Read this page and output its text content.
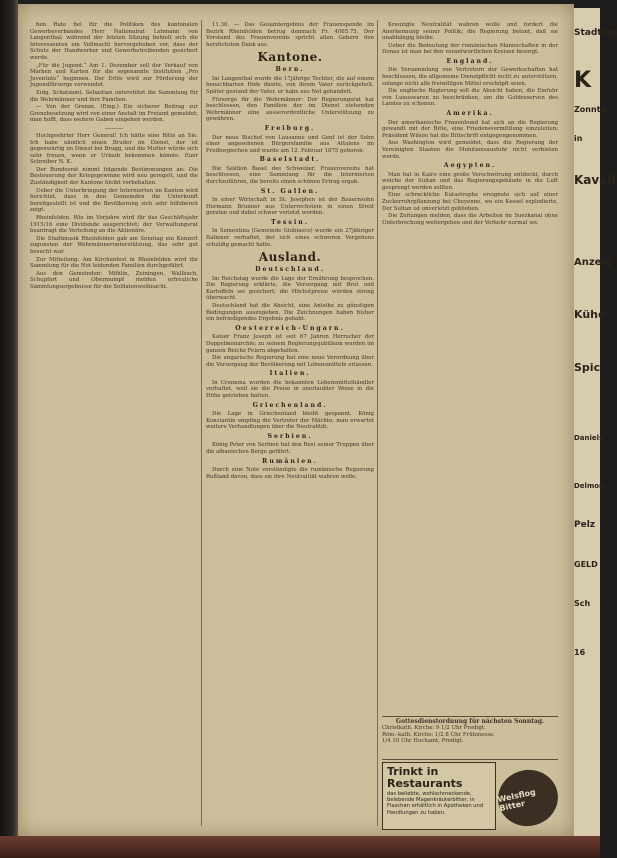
ben Rate fiel für die Politiken des kantonalen Gewerbeverbandes Herr Nationalrat Lehmann von Langenthal; während der letzten Sitzung behielt sich die Interessenten ein Vollmacht hervorgehoben vor, dass der Schutz der Handwerker und Gewerbetreibenden gesichert werde.

„Für die Jugend.“ Am 1. Dezember soll der Verkauf von Marken und Karten für die sogenannte Institution „Pro Juventute“ beginnen. Der Erlös wird zur Förderung der Jugendfürsorge verwendet.

Eidg. Schatzamt. Sebastian unterstützt die Sammlung für die Wehrmänner und ihre Familien.

— Von der Grenze. (Eing.) Ein sicherer Beitrag zur Grenzbesetzung wird von einer Anstalt im Freiamt gemeldet; man hofft, dass weitere Gaben eingehen werden.

———

Hochgeehrter Herr General! Ich hätte eine Bitte an Sie. Ich habe nämlich einen Bruder im Dienst, der ist gegenwärtig im Dienst bei Brugg, und die Mutter würde sich sehr freuen, wenn er Urlaub bekommen könnte. Euer Schreiber N. K.

Der Bundesrat nimmt folgende Bestimmungen an: Die Besteuerung der Kriegsgewinne wird neu geregelt, und die Zuständigkeit der Kantone bleibt vorbehalten.

Ueber die Unterbringung der Internierten im Kanton wird berichtet, dass in den Gemeinden die Unterkunft bereitgestellt ist und die Bevölkerung sich sehr hilfsbereit zeigt.

Rheinfelden. Wie im Vorjahre wird für das Geschäftsjahr 1915/16 eine Dividende ausgerichtet; der Verwaltungsrat beantragt die Verteilung an die Aktionäre.

Die Stadtmusik Rheinfelden gab am Sonntag ein Konzert zugunsten der Wehrmännerunterstützung, das sehr gut besucht war.

Zur Mitteilung: Am Kirchenfest in Rheinfelden wird die Sammlung für die Not leidenden Familien durchgeführt.

Aus den Gemeinden: Möhlin, Zeiningen, Wallbach, Schupfart und Obermumpf melden erfreuliche Sammlungsergebnisse für die Soldatenweihnacht.

11.30. — Das Gesamtergebnis der Frauenspende im Bezirk Rheinfelden betrug demnach Fr. 4065.75. Der Vorstand des Frauenvereins spricht allen Gebern den herzlichsten Dank aus.

Kantone.
Bern.

Im Langenthal wurde die 17jährige Tochter, die auf einem benachbarten Hofe diente, von ihrem Vater zurückgeholt. Später gestand der Vater, er habe aus Not gehandelt.

Fürsorge für die Wehrmänner: Der Regierungsrat hat beschlossen, den Familien der im Dienst stehenden Wehrmänner eine ausserordentliche Unterstützung zu gewähren.

Freiburg.

Der neue Bischof von Lausanne und Genf ist der Sohn einer angesehenen Bürgersfamilie aus Attalens im Freiburgischen und wurde am 12. Februar 1875 geboren.

Baselstadt.

Die Sektion Basel des Schweizer. Frauenvereins hat beschlossen, eine Sammlung für die Internierten durchzuführen, die bereits einen schönen Ertrag ergab.

St. Gallen.

In einer Wirtschaft in St. Josephen ist der Bauernsohn Hermann Brunner aus Unterrechstein in einen Streit geraten und dabei schwer verletzt worden.

Tessin.

In Sementina (Gemeinde Giubiasco) wurde ein 27jähriger Italiener verhaftet, der sich eines schweren Vergehens schuldig gemacht hatte.

Ausland.
Deutschland.

Im Reichstag wurde die Lage der Ernährung besprochen. Die Regierung erklärte, die Versorgung mit Brot und Kartoffeln sei gesichert; die Höchstpreise würden streng überwacht.

Deutschland hat die Absicht, eine Anleihe zu günstigen Bedingungen auszugeben. Die Zeichnungen haben bisher ein befriedigendes Ergebnis gehabt.

Oesterreich-Ungarn.

Kaiser Franz Joseph ist seit 67 Jahren Herrscher der Doppelmonarchie; zu seinem Regierungsjubiläum wurden im ganzen Reiche Feiern abgehalten.

Die ungarische Regierung hat eine neue Verordnung über die Versorgung der Bevölkerung mit Lebensmitteln erlassen.

Italien.

In Cremona wurden die bekannten Lebensmittelhändler verhaftet, weil sie die Preise in unerlaubter Weise in die Höhe getrieben hatten.

Griechenland.

Die Lage in Griechenland bleibt gespannt. König Konstantin empfing die Vertreter der Mächte; man erwartet weitere Verhandlungen über die Neutralität.

Serbien.

König Peter von Serbien hat den Rest seiner Truppen über die albanischen Berge geführt.

Rumänien.

Durch eine Note verständigte die rumänische Regierung Rußland davon, dass sie ihre Neutralität wahren wolle.

Kreuzigte Neutralität wahren wolle und fordert die Anerkennung seiner Politik; die Regierung betont, daß sie unabhängig bleibe.

Ueber die Bedeutung der rumänischen Mannschaften in der Donau ist man bei den verantwortlichen Kreisen besorgt.

England.

Die Versammlung von Vertretern der Gewerkschaften hat beschlossen, die allgemeine Dienstpflicht nicht zu unterstützen, solange nicht alle freiwilligen Mittel erschöpft seien.

Die englische Regierung soll die Absicht haben, die Einfuhr von Luxuswaren zu beschränken, um die Goldreserven des Landes zu schonen.

Amerika.

Der amerikanische Frauenbund hat sich an die Regierung gewandt mit der Bitte, eine Friedensvermittlung einzuleiten; Präsident Wilson hat die Bittschrift entgegengenommen.

Aus Washington wird gemeldet, dass die Regierung der Vereinigten Staaten die Munitionsausfuhr nicht verbieten werde.

Aegypten.

Man hat in Kairo eine große Verschwörung entdeckt, durch welche der Sultan und das Regierungsgebäude in die Luft gesprengt werden sollten.

Eine schreckliche Katastrophe ereignete sich auf einer Zuckerrohrpflanzung bei Cheyenne, wo ein Kessel explodierte. Der Sultan ist unverletzt geblieben.

Die Zeitungen melden, dass die Arbeiten im Suezkanal ohne Unterbrechung weitergehen und der Verkehr normal sei.

Gottesdienstordnung für nächsten Sonntag.
Christkath. Kirche: 9 1/2 Uhr Predigt.
Röm.-kath. Kirche: 1/2 8 Uhr Frühmesse.
1/4 10 Uhr Hochamt, Predigt.
Trinkt in Restaurants
das beliebte, wohlschmeckende, belebende Magenkräuterbitter; in Flaschen erhältlich in Apotheken und Handlungen zu haben.
Welsflog Bitter
Stadthm
K
Zonnta
in
Kavall
Anzeig
Kühe
Spic
Daniels
Delmon
Pelz
GELD
Sch
16
